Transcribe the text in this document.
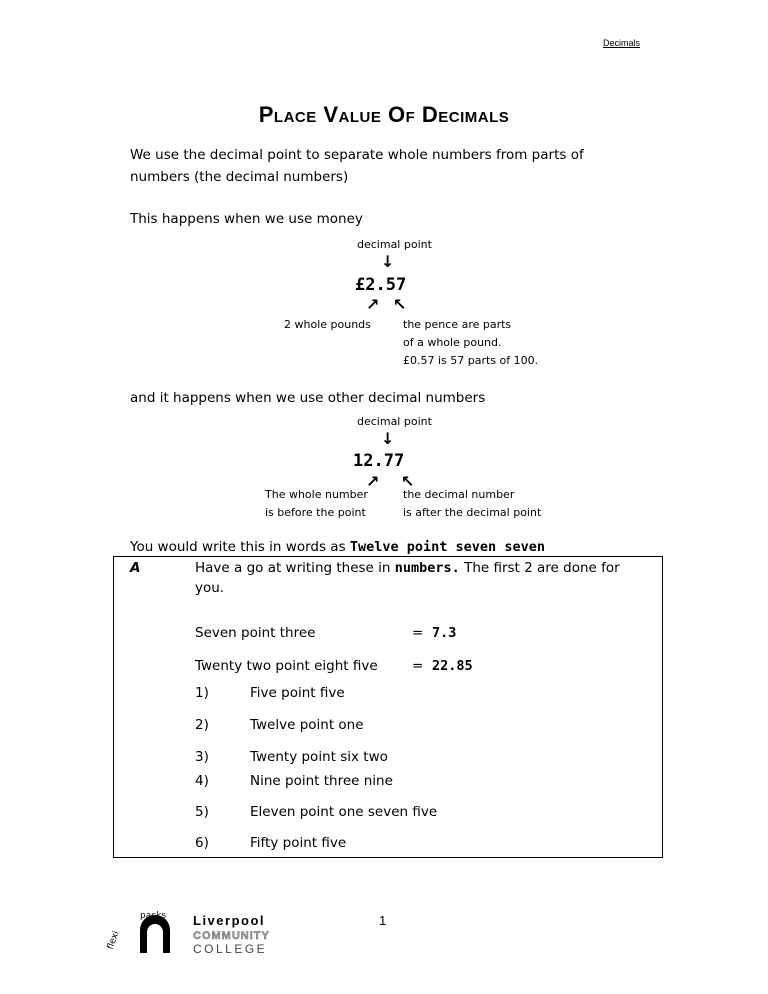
Decimals
Place Value Of Decimals
We use the decimal point to separate whole numbers from parts of
numbers (the decimal numbers)
This happens when we use money
decimal point
↓
£2.57
↗ ↖
2 whole pounds	the pence are parts
of a whole pound.
£0.57 is 57 parts of 100.
and it happens when we use other decimal numbers
decimal point
↓
12.77
↗ ↖
The whole number
is before the point
the decimal number
is after the decimal point
You would write this in words as Twelve point seven seven
A	Have a go at writing these in numbers. The first 2 are done for
you.
Seven point three	= 7.3
Twenty two point eight five	= 22.85
1)	Five point five
2)	Twelve point one
3)	Twenty point six two
4)	Nine point three nine
5)	Eleven point one seven five
6)	Fifty point five
flexi
packs Liverpool
COMMUNITY
COLLEGE
1
